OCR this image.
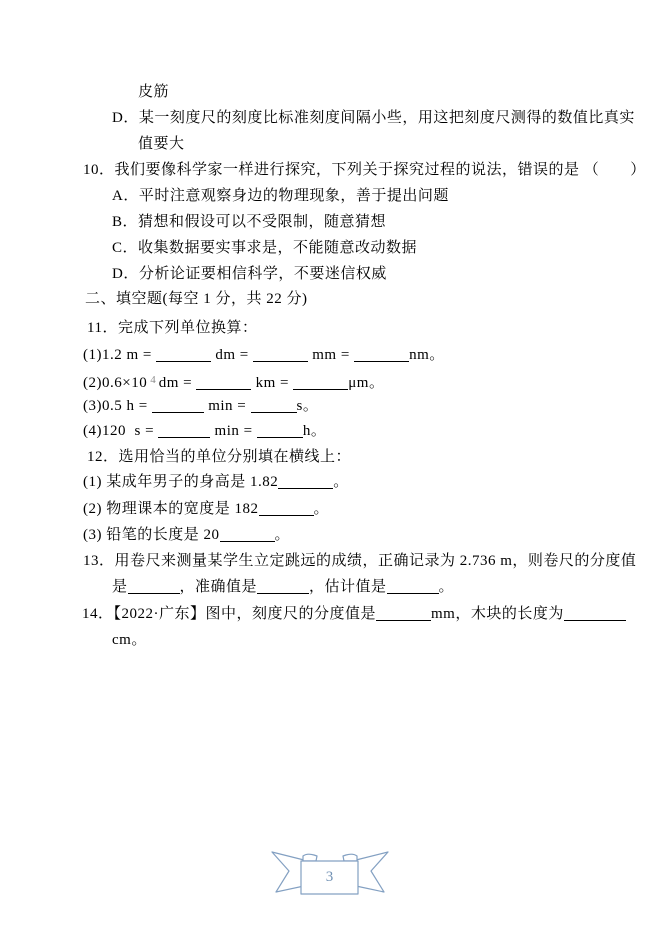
皮筋
D．某一刻度尺的刻度比标准刻度间隔小些，用这把刻度尺测得的数值比真实
值要大
10．我们要像科学家一样进行探究，下列关于探究过程的说法，错误的是 （　　）
A．平时注意观察身边的物理现象，善于提出问题
B．猜想和假设可以不受限制，随意猜想
C．收集数据要实事求是，不能随意改动数据
D．分析论证要相信科学，不要迷信权威
二、填空题(每空 1 分，共 22 分)
11．完成下列单位换算：
(1)1.2 m =	dm =	mm =	nm。
(2)0.6×10 $^4$ dm =	km =	μm。
(3)0.5 h =	min =	s。
(4)120  s =	min =	h。
12．选用恰当的单位分别填在横线上：
(1) 某成年男子的身高是 1.82	。
(2) 物理课本的宽度是 182	。
(3) 铅笔的长度是 20	。
13．用卷尺来测量某学生立定跳远的成绩，正确记录为 2.736 m，则卷尺的分度值
是	，准确值是	，估计值是	。
14．【2022·广东】图中，刻度尺的分度值是	mm，木块的长度为
cm。
3
